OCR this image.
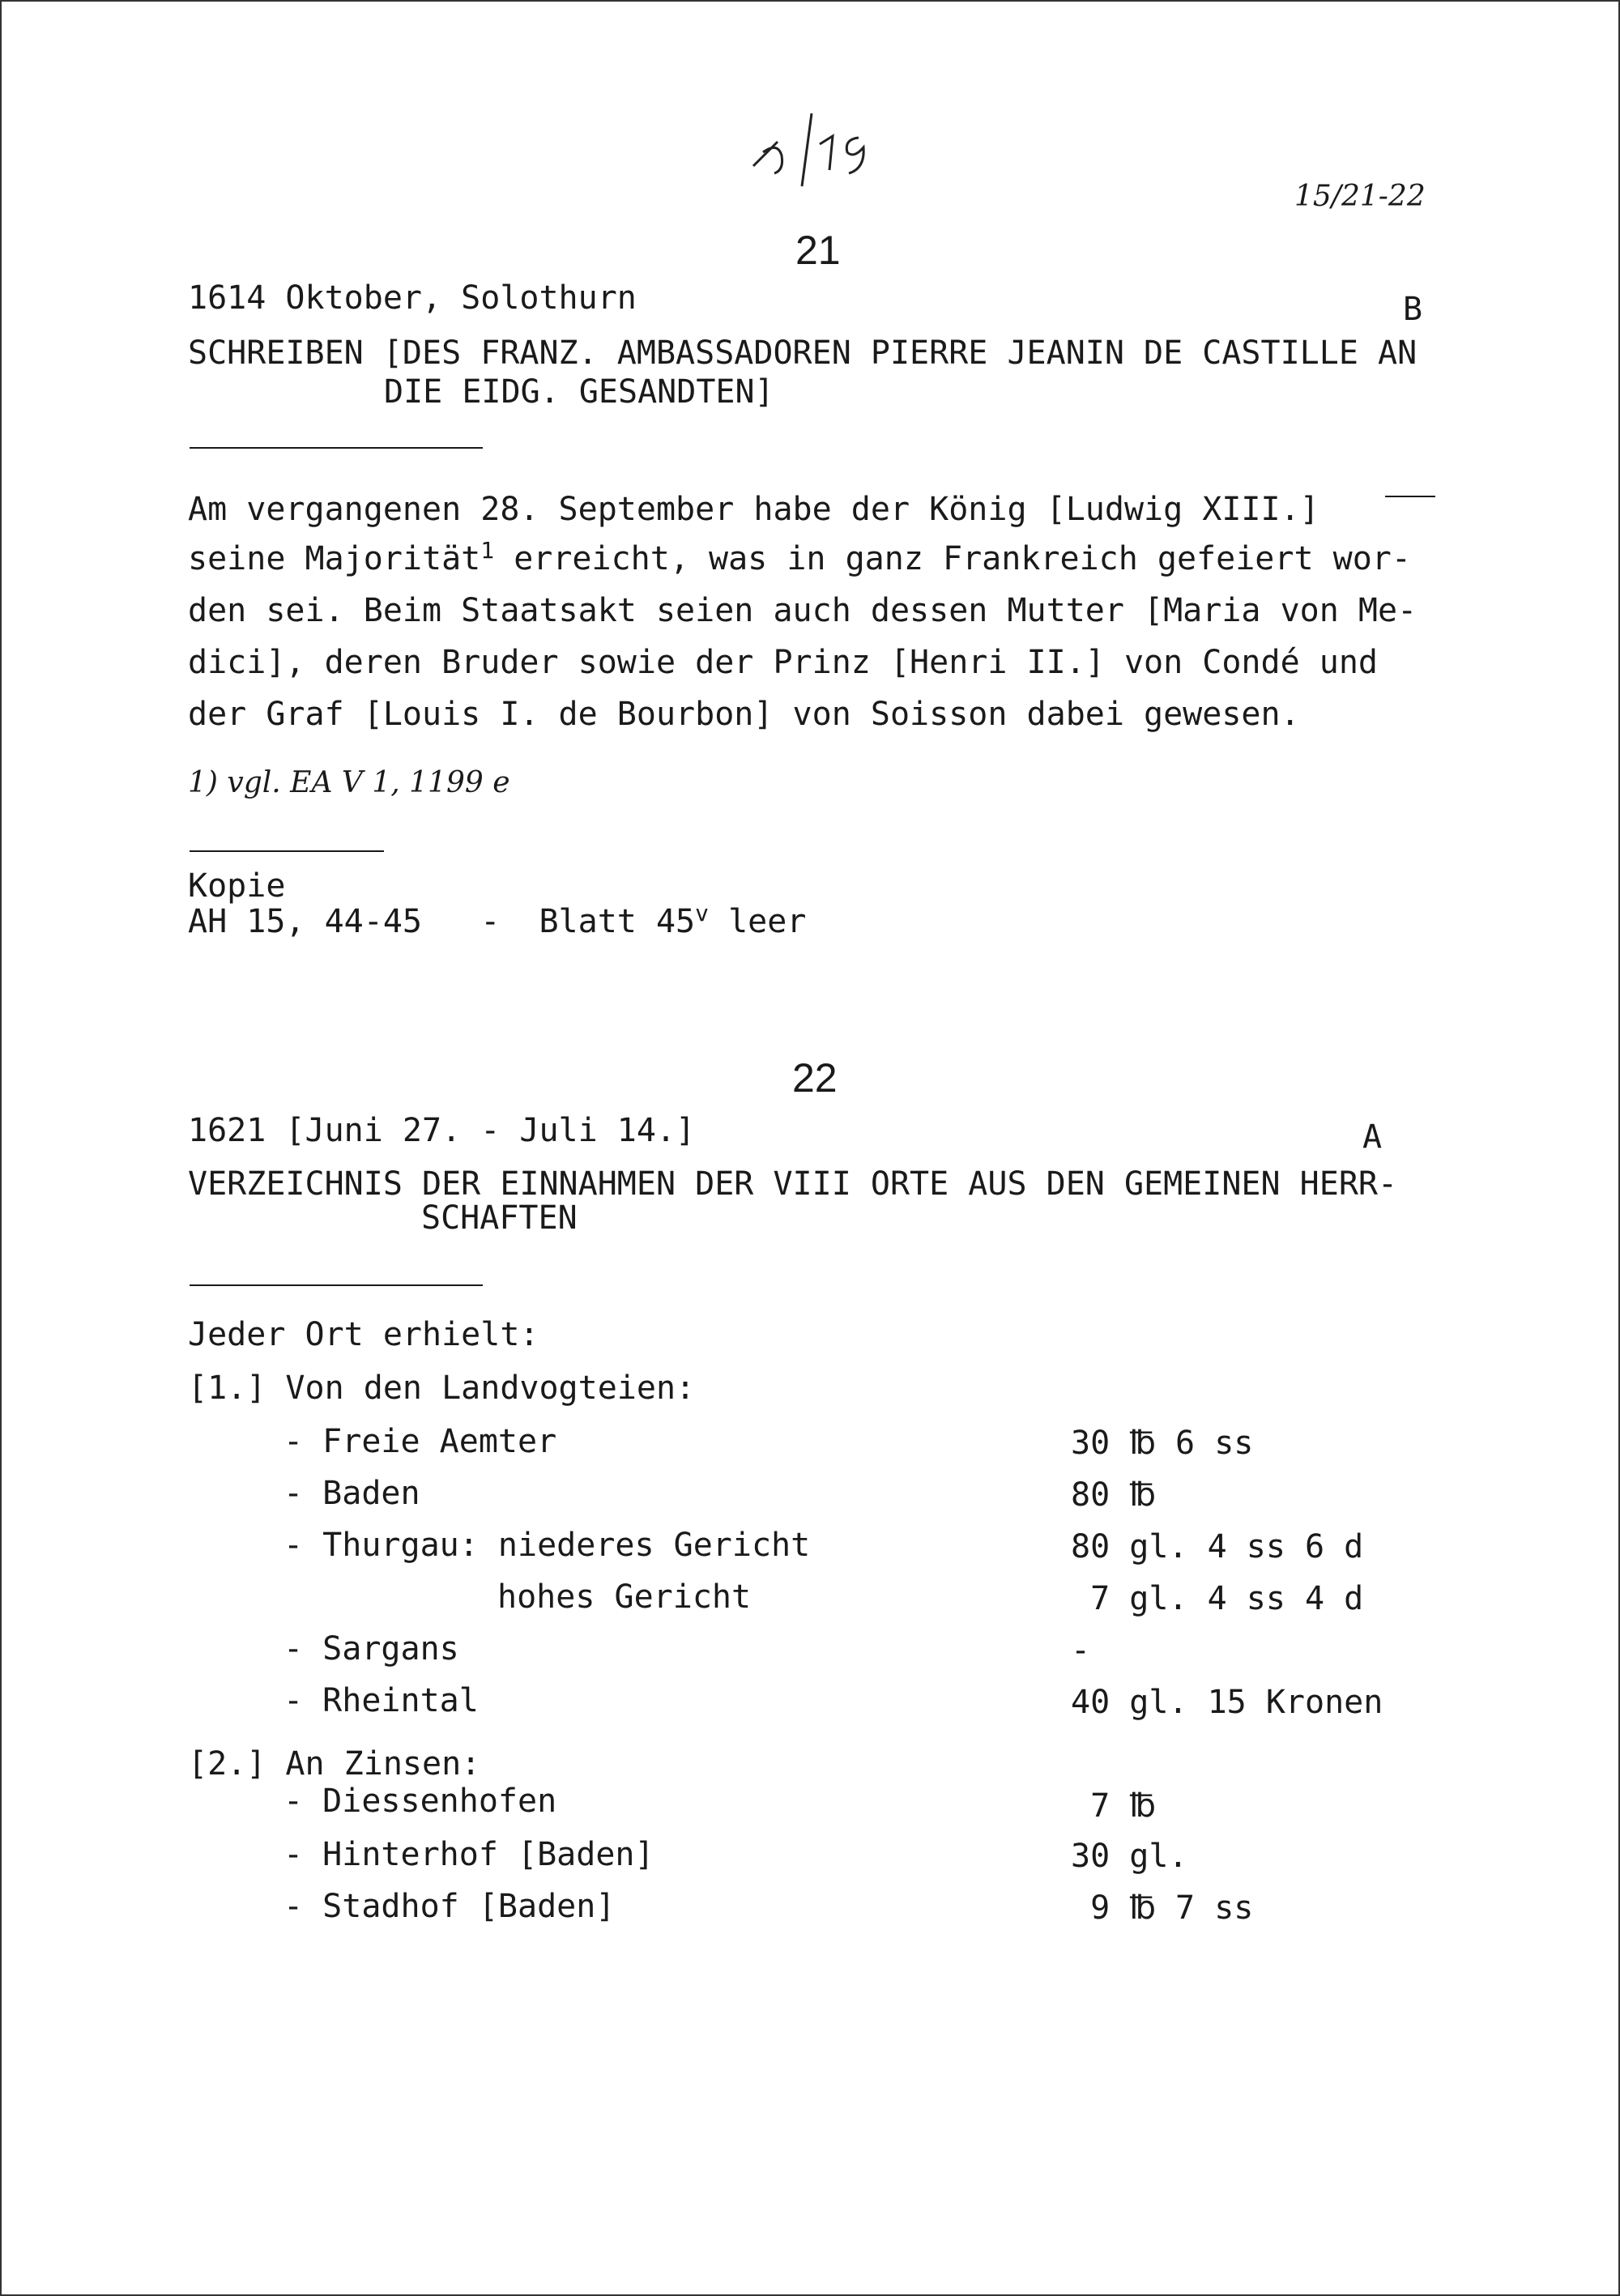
15/21-22
21
1614 Oktober, Solothurn	B
SCHREIBEN [DES FRANZ. AMBASSADOREN PIERRE JEANIN DE CASTILLE AN
DIE EIDG. GESANDTEN]
Am vergangenen 28. September habe der König [Ludwig XIII.]
seine Majorität$^1$ erreicht, was in ganz Frankreich gefeiert wor-
den sei. Beim Staatsakt seien auch dessen Mutter [Maria von Me-
dici], deren Bruder sowie der Prinz [Henri II.] von Condé und
der Graf [Louis I. de Bourbon] von Soisson dabei gewesen.
1) vgl. EA V 1, 1199 e
Kopie
AH 15, 44-45   -  Blatt 45$^v$ leer
22
1621 [Juni 27. - Juli 14.]	A
VERZEICHNIS DER EINNAHMEN DER VIII ORTE AUS DEN GEMEINEN HERR-
SCHAFTEN
Jeder Ort erhielt:
[1.] Von den Landvogteien:
- Freie Aemter	30 ℔ 6 ss
- Baden	80 ℔
- Thurgau: niederes Gericht	80 gl. 4 ss 6 d
hohes Gericht	7 gl. 4 ss 4 d
- Sargans	-
- Rheintal	40 gl. 15 Kronen
[2.] An Zinsen:
- Diessenhofen	7 ℔
- Hinterhof [Baden]	30 gl.
- Stadhof [Baden]	9 ℔ 7 ss
